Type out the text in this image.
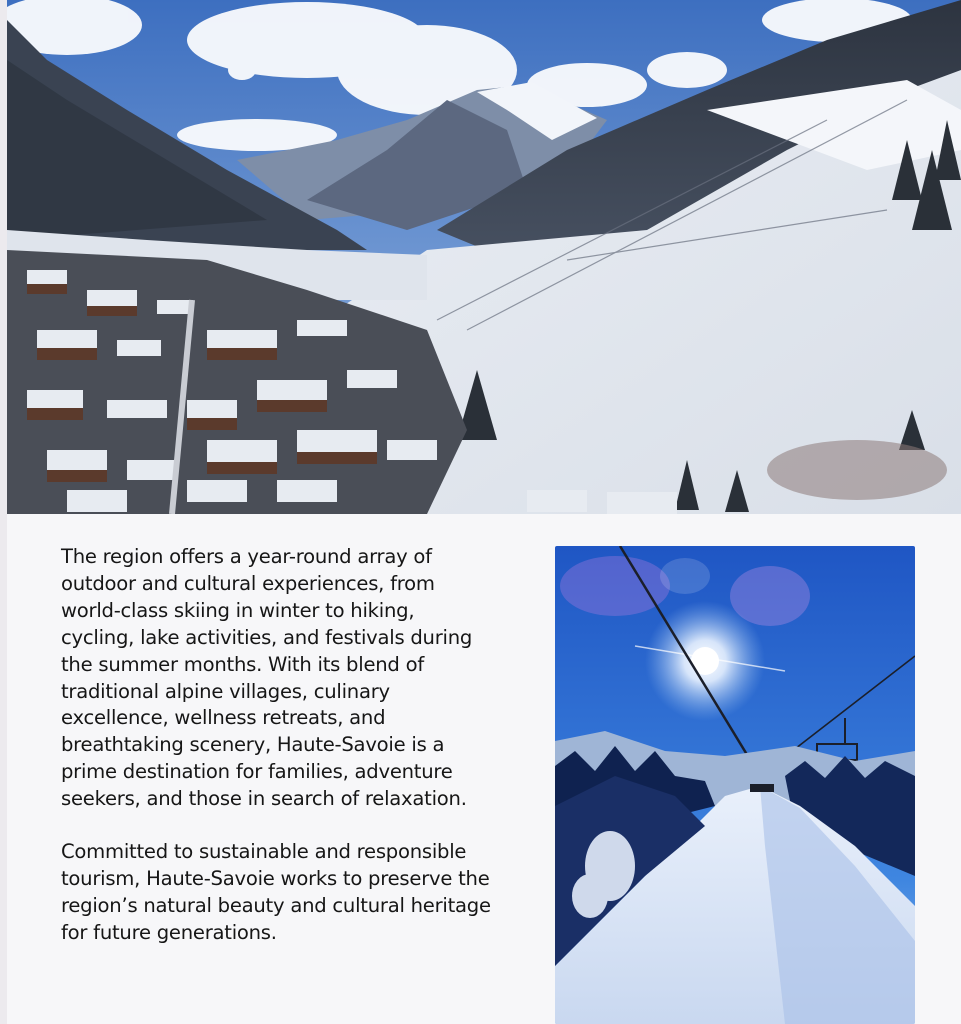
The region offers a year-round array of outdoor and cultural experiences, from world-class skiing in winter to hiking, cycling, lake activities, and festivals during the summer months. With its blend of traditional alpine villages, culinary excellence, wellness retreats, and breathtaking scenery, Haute-Savoie is a prime destination for families, adventure seekers, and those in search of relaxation.

Committed to sustainable and responsible tourism, Haute-Savoie works to preserve the region’s natural beauty and cultural heritage for future generations.
